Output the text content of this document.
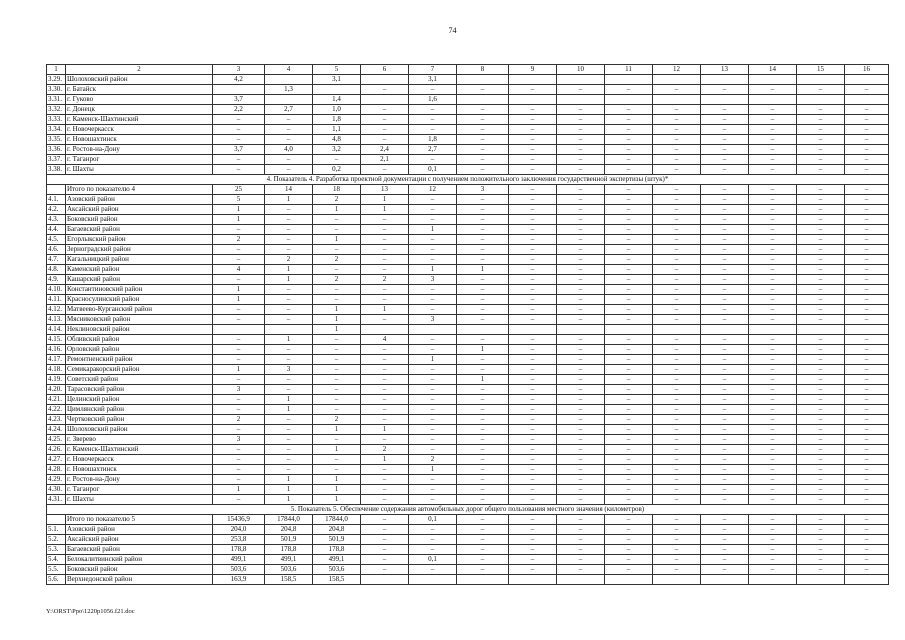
74
1	2	3	4	5	6	7	8	9	10	11	12	13	14	15	16
3.29.	Шолоховский район	4,2		3,1		3,1									
3.30.	г. Батайск		1,3		–	–	–	–	–	–	–	–	–	–	–
3.31.	г. Гуково	3,7		1,4		1,6									
3.32.	г. Донецк	2,2	2,7	1,0	–	–	–	–	–	–	–	–	–	–	–
3.33.	г. Каменск-Шахтинский	–	–	1,8	–	–	–	–	–	–	–	–	–	–	–
3.34.	г. Новочеркасск	–	–	1,1	–	–	–	–	–	–	–	–	–	–	–
3.35.	г. Новошахтинск	–	–	4,8	–	1,8	–	–	–	–	–	–	–	–	–
3.36.	г. Ростов-на-Дону	3,7	4,0	3,2	2,4	2,7	–	–	–	–	–	–	–	–	–
3.37.	г. Таганрог	–	–	–	2,1	–	–	–	–	–	–	–	–	–	–
3.38.	г. Шахты	–	–	0,2	–	0,1	–	–	–	–	–	–	–	–	–
4. Показатель 4. Разработка проектной документации с получением положительного заключения государственной экспертизы (штук)*															
	Итого по показателю 4	25	14	18	13	12	3	–	–	–	–	–	–	–	–
4.1.	Азовский район	5	1	2	1	–	–	–	–	–	–	–	–	–	–
4.2.	Аксайский район	1	–	1	1	–	–	–	–	–	–	–	–	–	–
4.3.	Боковский район	1	–	–	–	–	–	–	–	–	–	–	–	–	–
4.4.	Багаевский район	–	–	–	–	1	–	–	–	–	–	–	–	–	–
4.5.	Егорлыкский район	2	–	1	–	–	–	–	–	–	–	–	–	–	–
4.6.	Зерноградский район	–	–	–	–	–	–	–	–	–	–	–	–	–	–
4.7.	Кагальницкий район	–	2	2	–	–	–	–	–	–	–	–	–	–	–
4.8.	Каменский район	4	1	–	–	1	1	–	–	–	–	–	–	–	–
4.9.	Кашарский район	–	1	2	2	3	–	–	–	–	–	–	–	–	–
4.10.	Константиновский район	1	–	–	–	–	–	–	–	–	–	–	–	–	–
4.11.	Красносулинский район	1	–	–	–	–	–	–	–	–	–	–	–	–	–
4.12.	Матвеево-Курганский район	–	–	1	1	–	–	–	–	–	–	–	–	–	–
4.13.	Мясниковский район	–	–	1	–	3	–	–	–	–	–	–	–	–	–
4.14.	Неклиновский район			1											
4.15.	Обливский район	–	1	–	4	–	–	–	–	–	–	–	–	–	–
4.16.	Орловский район	–	–	–	–	–	1	–	–	–	–	–	–	–	–
4.17.	Ремонтненский район	–	–	–	–	1	–	–	–	–	–	–	–	–	–
4.18.	Семикаракорский район	1	3	–	–	–	–	–	–	–	–	–	–	–	–
4.19.	Советский район	–	–	–	–	–	1	–	–	–	–	–	–	–	–
4.20.	Тарасовский район	3	–	–	–	–	–	–	–	–	–	–	–	–	–
4.21.	Целинский район	–	1	–	–	–	–	–	–	–	–	–	–	–	–
4.22.	Цимлянский район	–	1	–	–	–	–	–	–	–	–	–	–	–	–
4.23.	Чертковский район	2	–	2	–	–	–	–	–	–	–	–	–	–	–
4.24.	Шолоховский район	–	–	1	1	–	–	–	–	–	–	–	–	–	–
4.25.	г. Зверево	3	–	–	–	–	–	–	–	–	–	–	–	–	–
4.26.	г. Каменск-Шахтинский	–	–	1	2	–	–	–	–	–	–	–	–	–	–
4.27.	г. Новочеркасск	–	–	–	1	2	–	–	–	–	–	–	–	–	–
4.28.	г. Новошахтинск	–	–	–	–	1	–	–	–	–	–	–	–	–	–
4.29.	г. Ростов-на-Дону	–	1	1	–	–	–	–	–	–	–	–	–	–	–
4.30.	г. Таганрог	1	1	1	–	–	–	–	–	–	–	–	–	–	–
4.31.	г. Шахты	–	1	1	–	–	–	–	–	–	–	–	–	–	–
5. Показатель 5. Обеспечение содержания автомобильных дорог общего пользования местного значения (километров)															
	Итого по показателю 5	15436,9	17844,0	17844,0	–	0,1	–	–	–	–	–	–	–	–	–
5.1.	Азовский район	204,0	204,8	204,8	–	–	–	–	–	–	–	–	–	–	–
5.2.	Аксайский район	253,8	501,9	501,9	–	–	–	–	–	–	–	–	–	–	–
5.3.	Багаевский район	178,8	178,8	178,8	–	–	–	–	–	–	–	–	–	–	–
5.4.	Белокалитвинский район	499,1	499,1	499,1	–	0,1	–	–	–	–	–	–	–	–	–
5.5.	Боковский район	503,6	503,6	503,6	–	–	–	–	–	–	–	–	–	–	–
5.6.	Верхнедонской район	163,9	158,5	158,5											
Y:\ORST\Ppo\1220p1056.f21.doc
